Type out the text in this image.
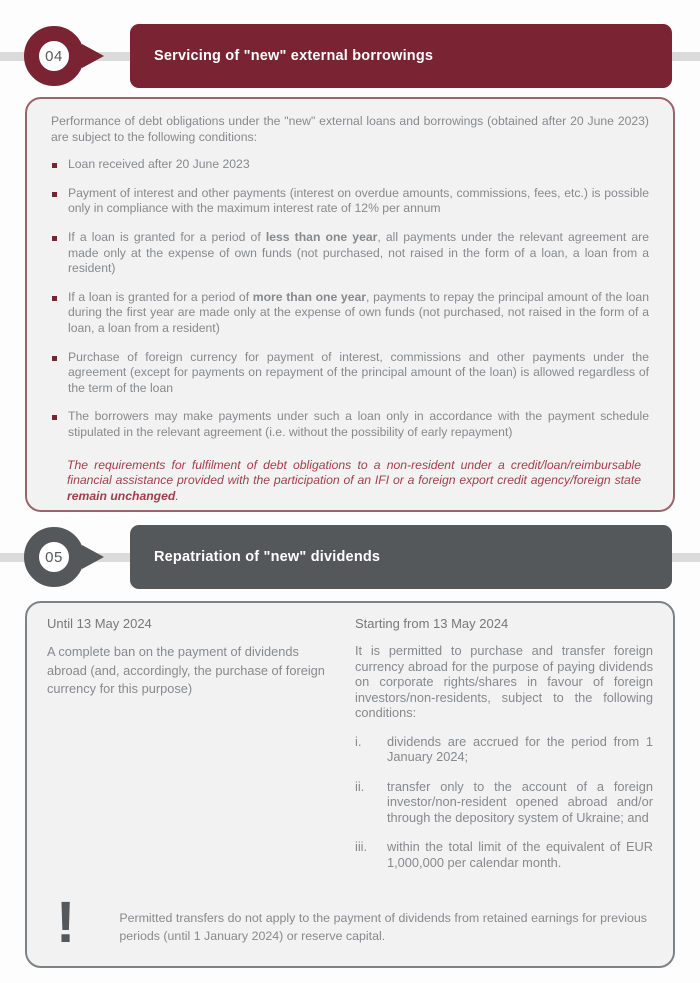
04	Servicing of "new" external borrowings

Performance of debt obligations under the "new" external loans and borrowings (obtained after 20 June 2023) are subject to the following conditions:

Loan received after 20 June 2023
Payment of interest and other payments (interest on overdue amounts, commissions, fees, etc.) is possible only in compliance with the maximum interest rate of 12% per annum
If a loan is granted for a period of less than one year, all payments under the relevant agreement are made only at the expense of own funds (not purchased, not raised in the form of a loan, a loan from a resident)
If a loan is granted for a period of more than one year, payments to repay the principal amount of the loan during the first year are made only at the expense of own funds (not purchased, not raised in the form of a loan, a loan from a resident)
Purchase of foreign currency for payment of interest, commissions and other payments under the agreement (except for payments on repayment of the principal amount of the loan) is allowed regardless of the term of the loan
The borrowers may make payments under such a loan only in accordance with the payment schedule stipulated in the relevant agreement (i.e. without the possibility of early repayment)

The requirements for fulfilment of debt obligations to a non-resident under a credit/loan/reimbursable financial assistance provided with the participation of an IFI or a foreign export credit agency/foreign state remain unchanged.

05	Repatriation of "new" dividends

Until 13 May 2024

A complete ban on the payment of dividends abroad (and, accordingly, the purchase of foreign currency for this purpose)

Starting from 13 May 2024

It is permitted to purchase and transfer foreign currency abroad for the purpose of paying dividends on corporate rights/shares in favour of foreign investors/non-residents, subject to the following conditions:

i.	dividends are accrued for the period from 1 January 2024;
ii.	transfer only to the account of a foreign investor/non-resident opened abroad and/or through the depository system of Ukraine; and
iii.	within the total limit of the equivalent of EUR 1,000,000 per calendar month.
!	Permitted transfers do not apply to the payment of dividends from retained earnings for previous periods (until 1 January 2024) or reserve capital.
